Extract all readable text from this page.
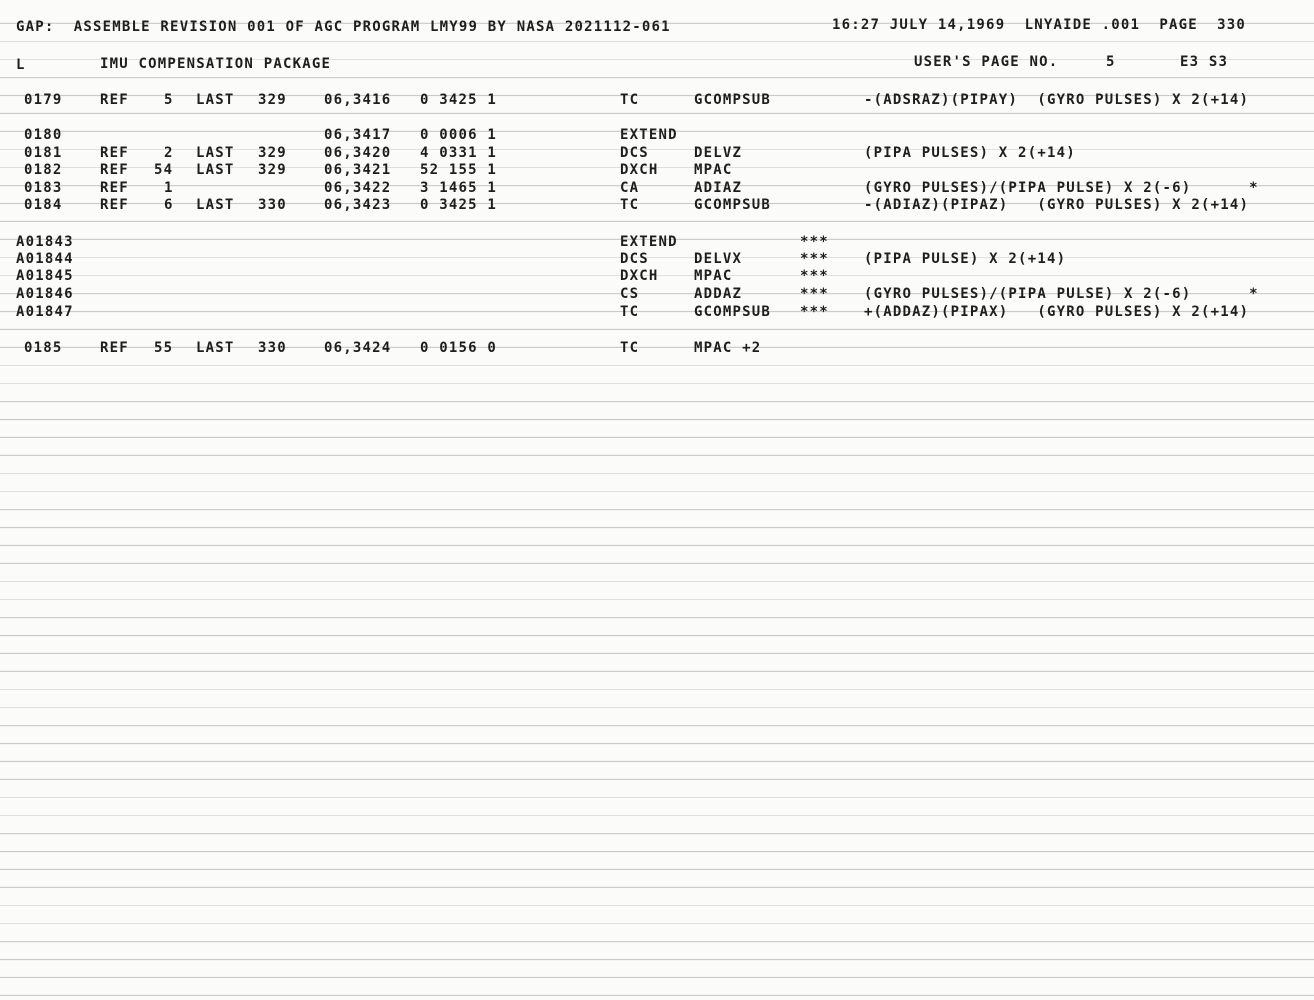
GAP:  ASSEMBLE REVISION 001 OF AGC PROGRAM LMY99 BY NASA 2021112-061	16:27 JULY 14,1969  LNYAIDE .001  PAGE  330
L	IMU COMPENSATION PACKAGE	USER'S PAGE NO.	5	E3 S3
0179	REF	5 LAST 329	06,3416 0 3425 1	TC	GCOMPSUB	-(ADSRAZ)(PIPAY)  (GYRO PULSES) X 2(+14)
0180	06,3417 0 0006 1	EXTEND
0181	REF	2 LAST 329	06,3420 4 0331 1	DCS	DELVZ	(PIPA PULSES) X 2(+14)
0182	REF 54 LAST 329	06,3421 52 155 1	DXCH	MPAC
0183	REF	1	06,3422 3 1465 1	CA	ADIAZ	(GYRO PULSES)/(PIPA PULSE) X 2(-6)      *
0184	REF	6 LAST 330	06,3423 0 3425 1	TC	GCOMPSUB	-(ADIAZ)(PIPAZ)   (GYRO PULSES) X 2(+14)
A01843	EXTEND	***
A01844	DCS	DELVX	***	(PIPA PULSE) X 2(+14)
A01845	DXCH	MPAC	***
A01846	CS	ADDAZ	***	(GYRO PULSES)/(PIPA PULSE) X 2(-6)      *
A01847	TC	GCOMPSUB ***	+(ADDAZ)(PIPAX)   (GYRO PULSES) X 2(+14)
0185	REF 55 LAST 330	06,3424 0 0156 0	TC	MPAC +2
